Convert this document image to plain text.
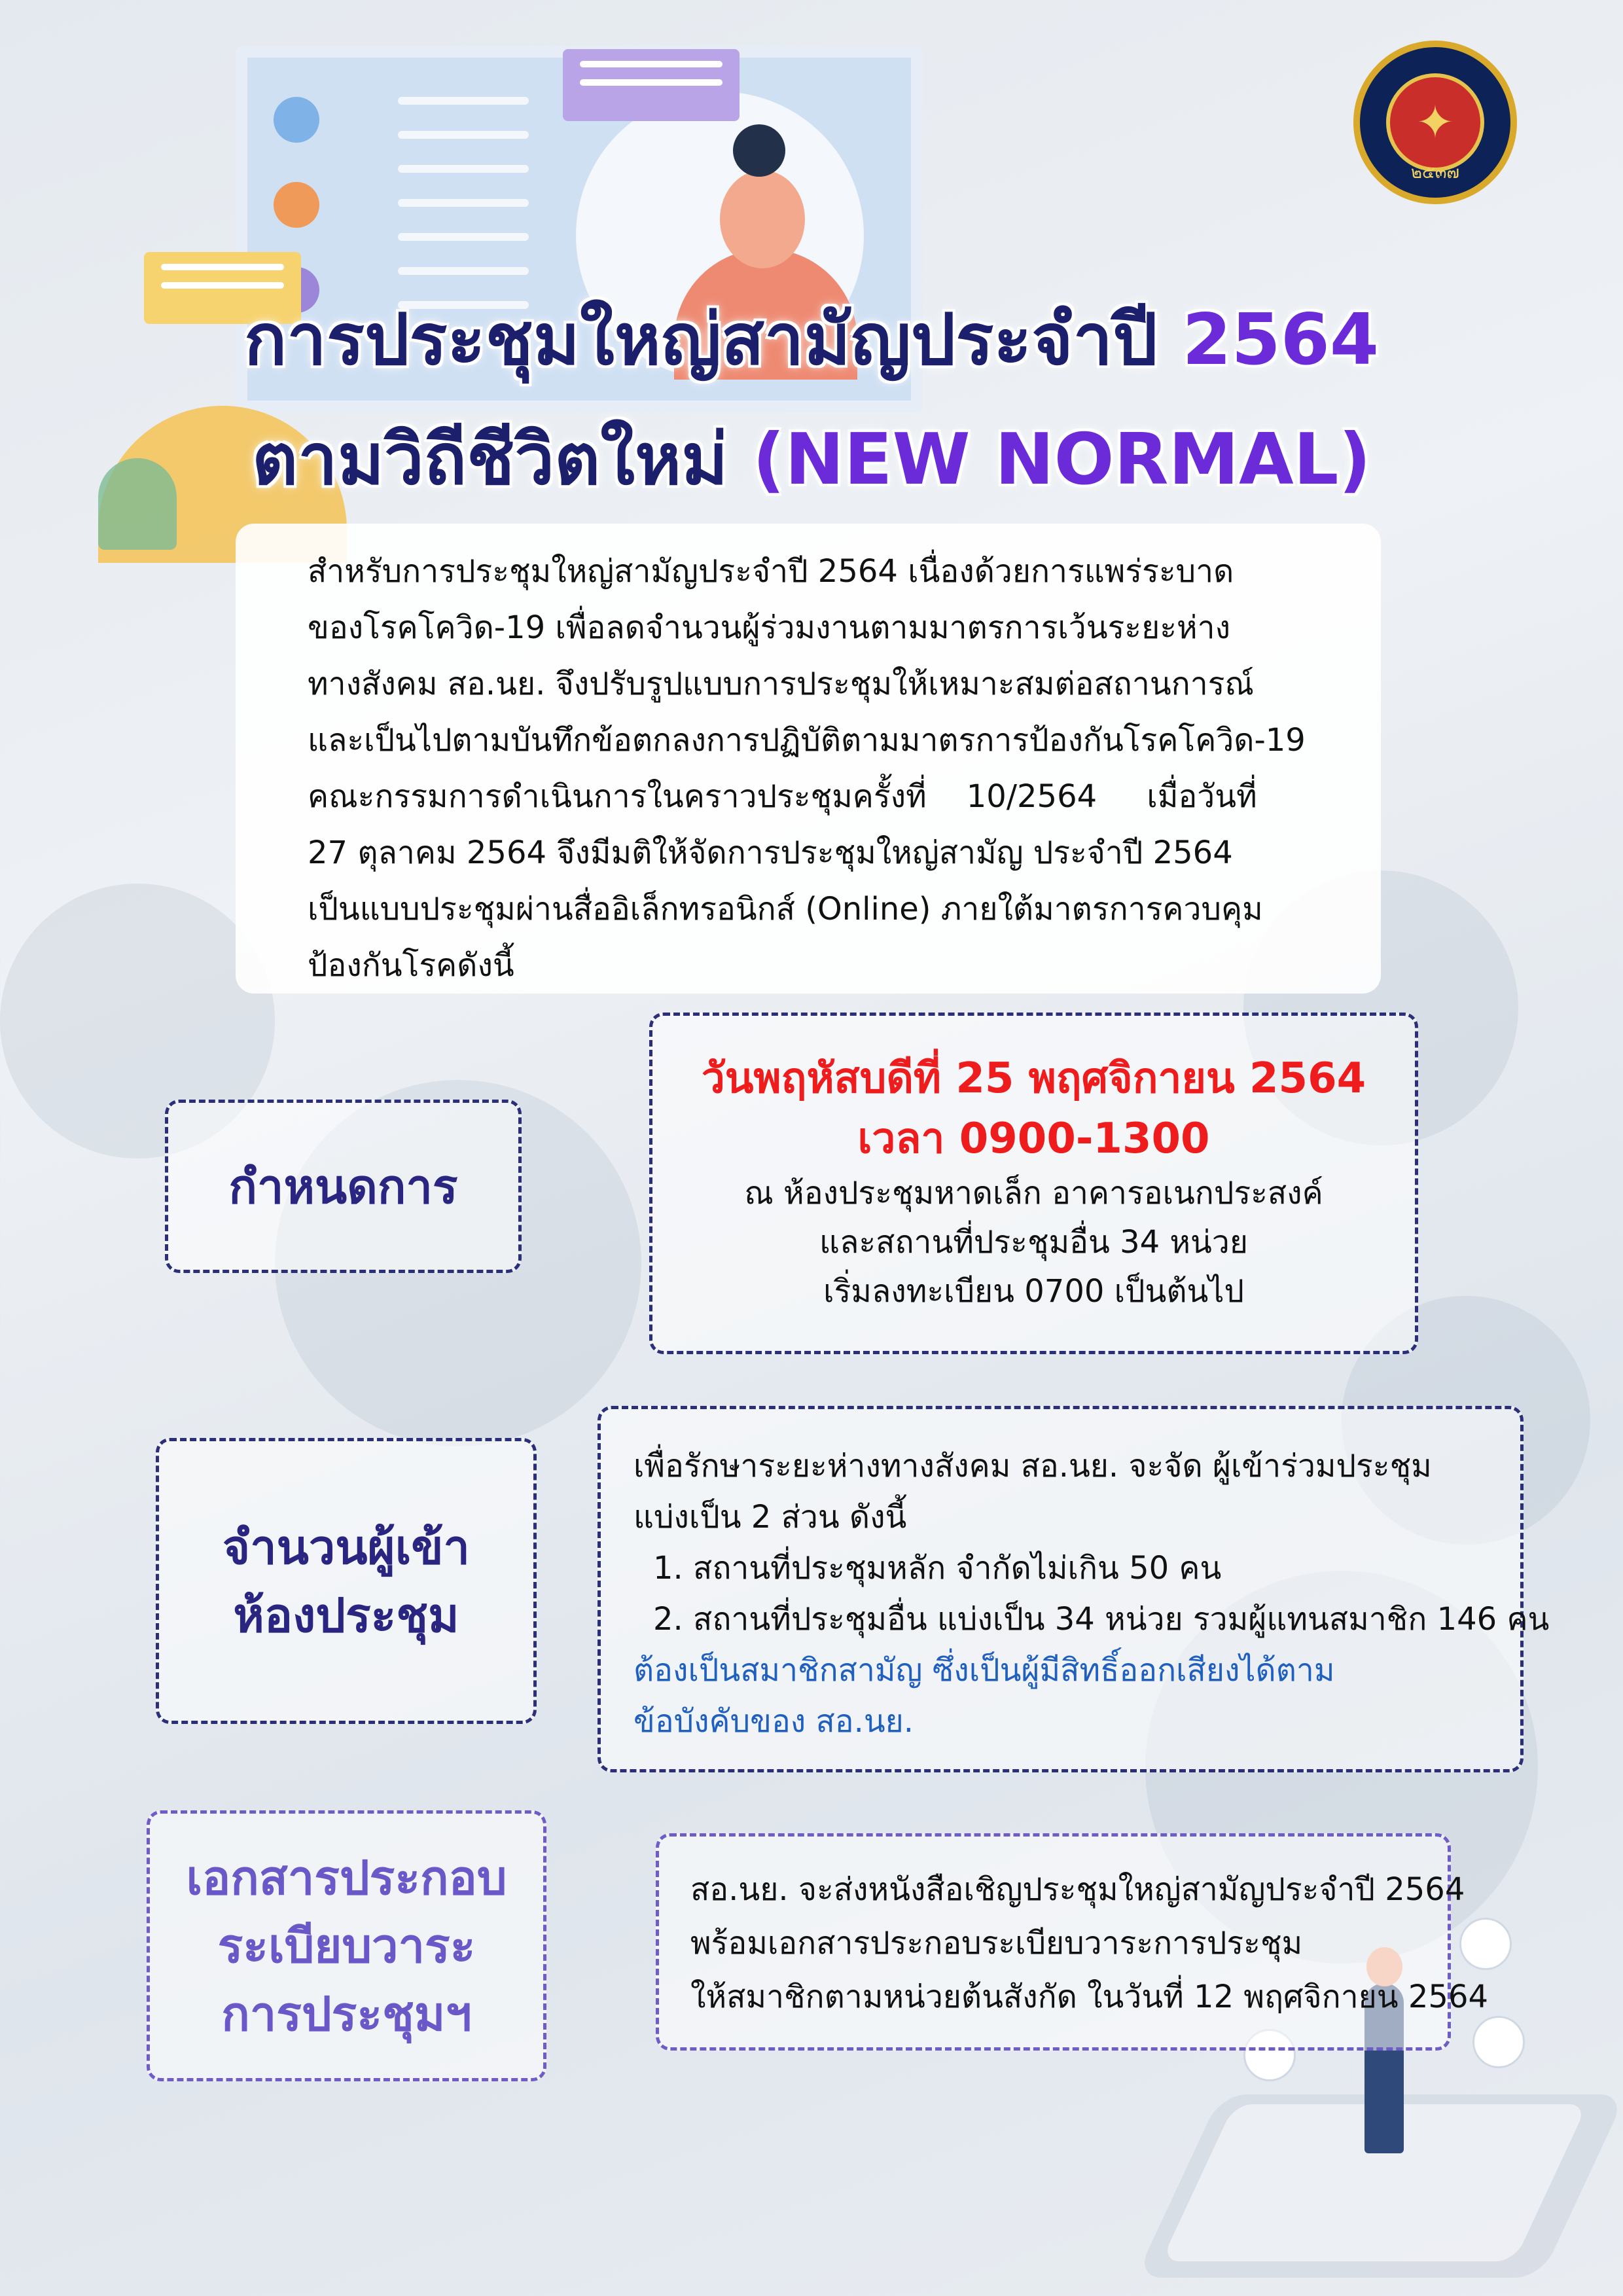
✦
๒๕๓๗
การประชุมใหญ่สามัญประจำปี 2564
ตามวิถีชีวิตใหม่ (NEW NORMAL)
สำหรับการประชุมใหญ่สามัญประจำปี 2564 เนื่องด้วยการแพร่ระบาด
ของโรคโควิด-19 เพื่อลดจำนวนผู้ร่วมงานตามมาตรการเว้นระยะห่าง
ทางสังคม สอ.นย. จึงปรับรูปแบบการประชุมให้เหมาะสมต่อสถานการณ์
และเป็นไปตามบันทึกข้อตกลงการปฏิบัติตามมาตรการป้องกันโรคโควิด-19
คณะกรรมการดำเนินการในคราวประชุมครั้งที่    10/2564     เมื่อวันที่
27 ตุลาคม 2564 จึงมีมติให้จัดการประชุมใหญ่สามัญ ประจำปี 2564
เป็นแบบประชุมผ่านสื่ออิเล็กทรอนิกส์ (Online) ภายใต้มาตรการควบคุม
ป้องกันโรคดังนี้
กำหนดการ
วันพฤหัสบดีที่ 25 พฤศจิกายน 2564
เวลา 0900-1300
ณ ห้องประชุมหาดเล็ก อาคารอเนกประสงค์
และสถานที่ประชุมอื่น 34 หน่วย
เริ่มลงทะเบียน 0700 เป็นต้นไป
จำนวนผู้เข้า
ห้องประชุม
เพื่อรักษาระยะห่างทางสังคม สอ.นย. จะจัด ผู้เข้าร่วมประชุม
แบ่งเป็น 2 ส่วน ดังนี้
1. สถานที่ประชุมหลัก จำกัดไม่เกิน 50 คน
2. สถานที่ประชุมอื่น แบ่งเป็น 34 หน่วย รวมผู้แทนสมาชิก 146 คน
ต้องเป็นสมาชิกสามัญ ซึ่งเป็นผู้มีสิทธิ์ออกเสียงได้ตาม
ข้อบังคับของ สอ.นย.
เอกสารประกอบ
ระเบียบวาระ
การประชุมฯ
สอ.นย. จะส่งหนังสือเชิญประชุมใหญ่สามัญประจำปี 2564
พร้อมเอกสารประกอบระเบียบวาระการประชุม
ให้สมาชิกตามหน่วยต้นสังกัด ในวันที่ 12 พฤศจิกายน 2564
